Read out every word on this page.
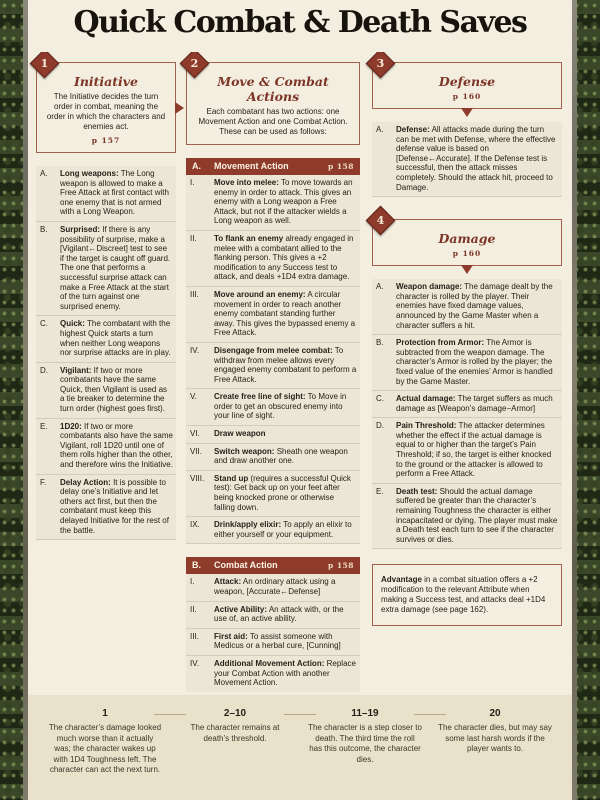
Quick Combat & Death Saves
1
Initiative
The Initiative decides the turn order in combat, meaning the order in which the characters and enemies act.
p 157
A.	Long weapons: The Long weapon is allowed to make a Free Attack at first contact with one enemy that is not armed with a Long Weapon.
B.	Surprised: If there is any possibility of surprise, make a [Vigilant←Discreet] test to see if the target is caught off guard. The one that performs a successful surprise attack can make a Free Attack at the start of the turn against one surprised enemy.
C.	Quick: The combatant with the highest Quick starts a turn when neither Long weapons nor surprise attacks are in play.
D.	Vigilant: If two or more combatants have the same Quick, then Vigilant is used as a tie breaker to determine the turn order (highest goes first).
E.	1D20: If two or more combatants also have the same Vigilant, roll 1D20 until one of them rolls higher than the other, and therefore wins the Initiative.
F.	Delay Action: It is possible to delay one’s Initiative and let others act first, but then the combatant must keep this delayed Initiative for the rest of the battle.
2
Move & Combat Actions
Each combatant has two actions: one Movement Action and one Combat Action. These can be used as follows:
A.	Movement Action	p 158
I.	Move into melee: To move towards an enemy in order to attack. This gives an enemy with a Long weapon a Free Attack, but not if the attacker wields a Long weapon as well.
II.	To flank an enemy already engaged in melee with a combatant allied to the flanking person. This gives a +2 modification to any Success test to attack, and deals +1D4 extra damage.
III.	Move around an enemy: A circular movement in order to reach another enemy combatant standing further away. This gives the bypassed enemy a Free Attack.
IV.	Disengage from melee combat: To withdraw from melee allows every engaged enemy combatant to perform a Free Attack.
V.	Create free line of sight: To Move in order to get an obscured enemy into your line of sight.
VI.	Draw weapon
VII.	Switch weapon: Sheath one weapon and draw another one.
VIII.	Stand up (requires a successful Quick test): Get back up on your feet after being knocked prone or otherwise falling down.
IX.	Drink/apply elixir: To apply an elixir to either yourself or your equipment.
B.	Combat Action	p 158
I.	Attack: An ordinary attack using a weapon, [Accurate←Defense]
II.	Active Ability: An attack with, or the use of, an active ability.
III.	First aid: To assist someone with Medicus or a herbal cure, [Cunning]
IV.	Additional Movement Action: Replace your Combat Action with another Movement Action.
3
Defense
p 160
A.	Defense: All attacks made during the turn can be met with Defense, where the effective defense value is based on [Defense←Accurate]. If the Defense test is successful, then the attack misses completely. Should the attack hit, proceed to Damage.
4
Damage
p 160
A.	Weapon damage: The damage dealt by the character is rolled by the player. Their enemies have fixed damage values, announced by the Game Master when a character suffers a hit.
B.	Protection from Armor: The Armor is subtracted from the weapon damage. The character’s Armor is rolled by the player; the fixed value of the enemies’ Armor is handled by the Game Master.
C.	Actual damage: The target suffers as much damage as [Weapon’s damage−Armor]
D.	Pain Threshold: The attacker determines whether the effect if the actual damage is equal to or higher than the target’s Pain Threshold; if so, the target is either knocked to the ground or the attacker is allowed to perform a Free Attack.
E.	Death test: Should the actual damage suffered be greater than the character’s remaining Toughness the character is either incapacitated or dying. The player must make a Death test each turn to see if the character survives or dies.
Advantage in a combat situation offers a +2 modification to the relevant Attribute when making a Success test, and attacks deal +1D4 extra damage (see page 162).
1
The character’s damage looked much worse than it actually was; the character wakes up with 1D4 Toughness left. The character can act the next turn.
2–10
The character remains at death’s threshold.
11–19
The character is a step closer to death. The third time the roll has this outcome, the character dies.
20
The character dies, but may say some last harsh words if the player wants to.
